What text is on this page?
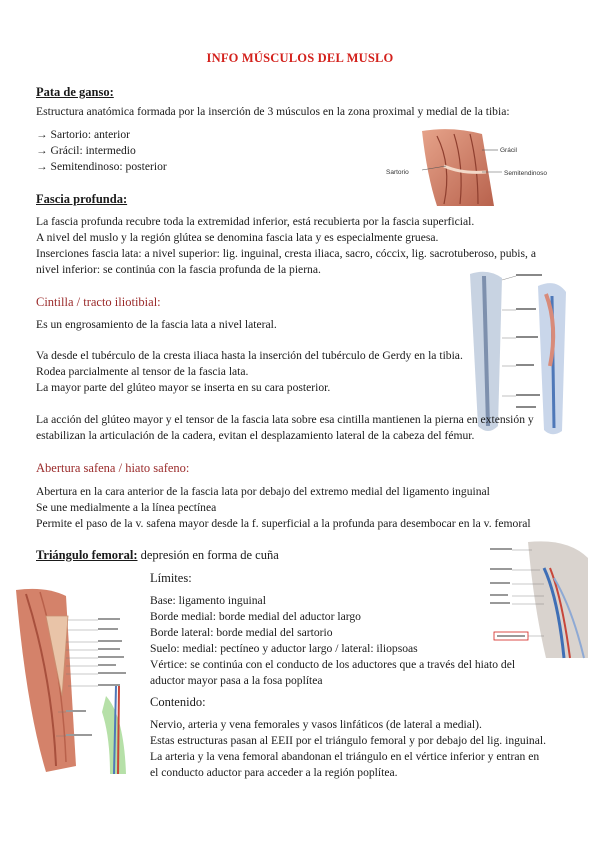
INFO MÚSCULOS DEL MUSLO
Pata de ganso:
Estructura anatómica formada por la inserción de 3 músculos en la zona proximal y medial de la tibia:
→ Sartorio: anterior
→ Grácil: intermedio
→ Semitendinoso: posterior
Grácil
Sartorio	Semitendinoso
Fascia profunda:
La fascia profunda recubre toda la extremidad inferior, está recubierta por la fascia superficial.
A nivel del muslo y la región glútea se denomina fascia lata y es especialmente gruesa.
Inserciones fascia lata: a nivel superior: lig. inguinal, cresta iliaca, sacro, cóccix, lig. sacrotuberoso, pubis, a
nivel inferior: se continúa con la fascia profunda de la pierna.
Cintilla / tracto iliotibial:
Es un engrosamiento de la fascia lata a nivel lateral.
Va desde el tubérculo de la cresta iliaca hasta la inserción del tubérculo de Gerdy en la tibia.
Rodea parcialmente al tensor de la fascia lata.
La mayor parte del glúteo mayor se inserta en su cara posterior.
La acción del glúteo mayor y el tensor de la fascia lata sobre esa cintilla mantienen la pierna en extensión y
estabilizan la articulación de la cadera, evitan el desplazamiento lateral de la cabeza del fémur.
Abertura safena / hiato safeno:
Abertura en la cara anterior de la fascia lata por debajo del extremo medial del ligamento inguinal
Se une medialmente a la línea pectínea
Permite el paso de la v. safena mayor desde la f. superficial a la profunda para desembocar en la v. femoral
Triángulo femoral: depresión en forma de cuña
Límites:
Base: ligamento inguinal
Borde medial: borde medial del aductor largo
Borde lateral: borde medial del sartorio
Suelo: medial: pectíneo y aductor largo / lateral: iliopsoas
Vértice: se continúa con el conducto de los aductores que a través del hiato del
aductor mayor pasa a la fosa poplítea
Contenido:
Nervio, arteria y vena femorales y vasos linfáticos (de lateral a medial).
Estas estructuras pasan al EEII por el triángulo femoral y por debajo del lig. inguinal.
La arteria y la vena femoral abandonan el triángulo en el vértice inferior y entran en
el conducto aductor para acceder a la región poplítea.
